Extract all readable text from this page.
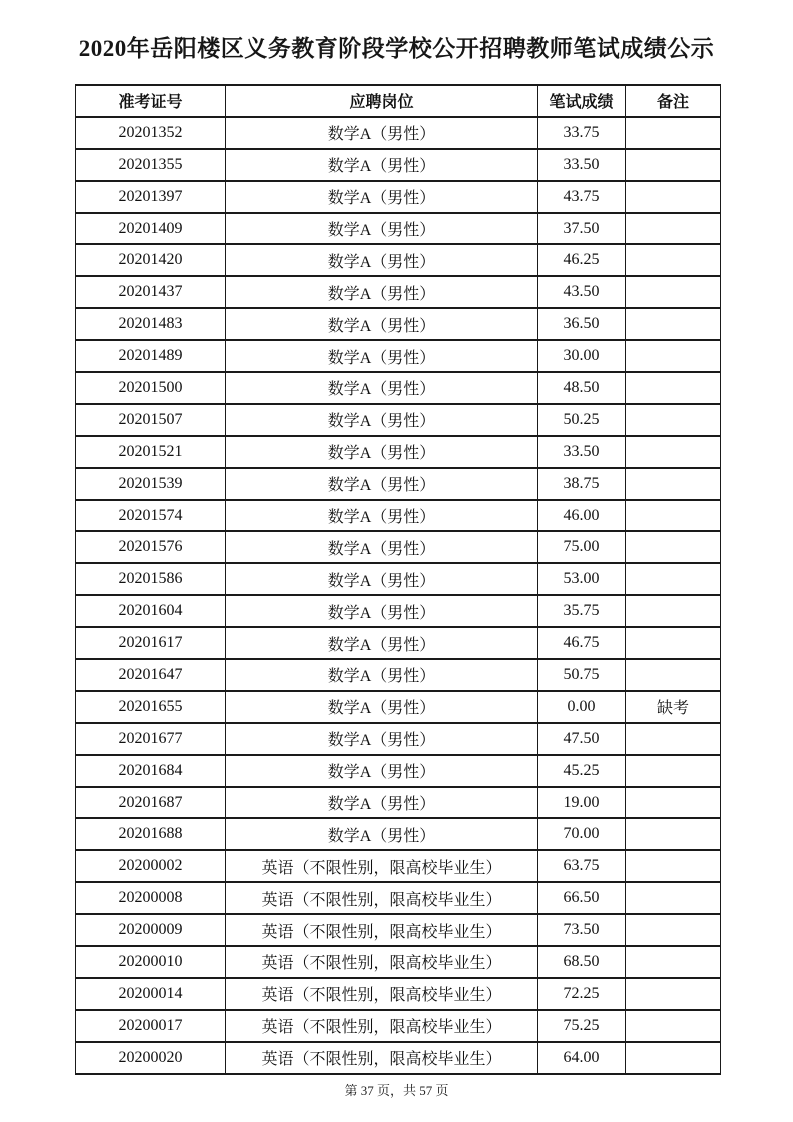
2020年岳阳楼区义务教育阶段学校公开招聘教师笔试成绩公示
准考证号	应聘岗位	笔试成绩	备注
20201352	数学A（男性）	33.75	
20201355	数学A（男性）	33.50	
20201397	数学A（男性）	43.75	
20201409	数学A（男性）	37.50	
20201420	数学A（男性）	46.25	
20201437	数学A（男性）	43.50	
20201483	数学A（男性）	36.50	
20201489	数学A（男性）	30.00	
20201500	数学A（男性）	48.50	
20201507	数学A（男性）	50.25	
20201521	数学A（男性）	33.50	
20201539	数学A（男性）	38.75	
20201574	数学A（男性）	46.00	
20201576	数学A（男性）	75.00	
20201586	数学A（男性）	53.00	
20201604	数学A（男性）	35.75	
20201617	数学A（男性）	46.75	
20201647	数学A（男性）	50.75	
20201655	数学A（男性）	0.00	缺考
20201677	数学A（男性）	47.50	
20201684	数学A（男性）	45.25	
20201687	数学A（男性）	19.00	
20201688	数学A（男性）	70.00	
20200002	英语（不限性别，限高校毕业生）	63.75	
20200008	英语（不限性别，限高校毕业生）	66.50	
20200009	英语（不限性别，限高校毕业生）	73.50	
20200010	英语（不限性别，限高校毕业生）	68.50	
20200014	英语（不限性别，限高校毕业生）	72.25	
20200017	英语（不限性别，限高校毕业生）	75.25	
20200020	英语（不限性别，限高校毕业生）	64.00	
第 37 页，共 57 页
